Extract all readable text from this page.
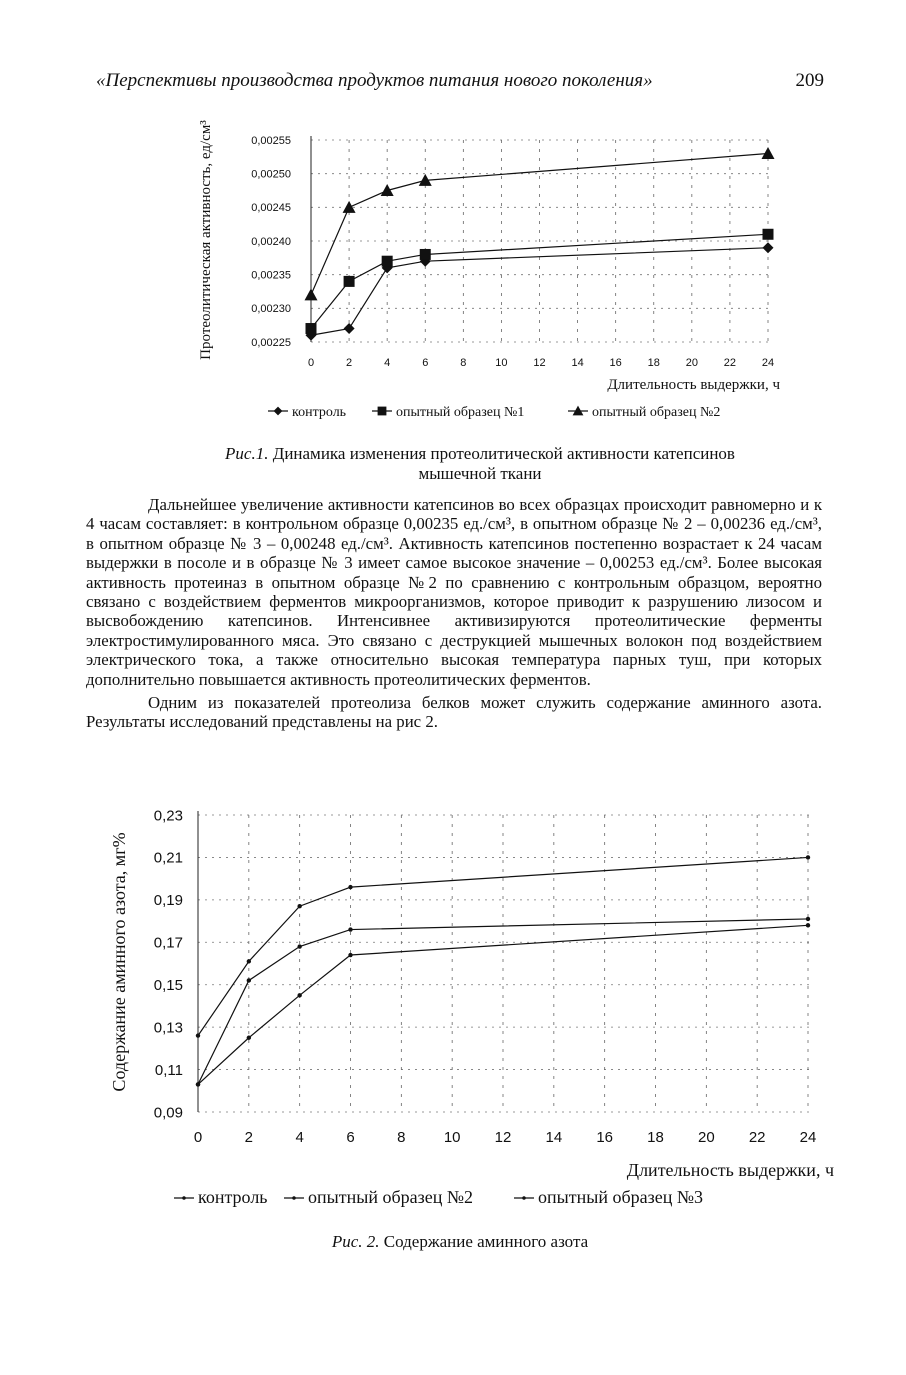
«Перспективы производства продуктов питания нового поколения»	209
0,00225
0,00230
0,00235
0,00240
0,00245
0,00250
0,00255
0	2	4	6	8	10 12 14 16 18 20 22 24
Протеолитическая активность, ед/см³
Длительность выдержки, ч
контроль	опытный образец №1	опытный образец №2
Рис.1. Динамика изменения протеолитической активности катепсинов мышечной ткани

Дальнейшее увеличение активности катепсинов во всех образцах происходит равномерно и к 4 часам составляет: в контрольном образце 0,00235 ед./см³, в опытном образце № 2 – 0,00236 ед./см³, в опытном образце № 3 – 0,00248 ед./см³. Активность катепсинов постепенно возрастает к 24 часам выдержки в посоле и в образце № 3 имеет самое высокое значение – 0,00253 ед./см³. Более высокая активность протеиназ в опытном образце №2 по сравнению с контрольным образцом, вероятно связано с воздействием ферментов микроорганизмов, которое приводит к разрушению лизосом и высвобождению катепсинов. Интенсивнее активизируются протеолитические ферменты электростимулированного мяса. Это связано с деструкцией мышечных волокон под воздействием электрического тока, а также относительно высокая температура парных туш, при которых дополнительно повышается активность протеолитических ферментов.

Одним из показателей протеолиза белков может служить содержание аминного азота. Результаты исследований представлены на рис 2.

0,09
0,11
0,13
0,15
0,17
0,19
0,21
0,23
0	2	4	6	8	10 12 14 16 18 20 22 24
Содержание аминного азота, мг%
Длительность выдержки, ч
контроль опытный образец №2	опытный образец №3
Рис. 2. Содержание аминного азота
